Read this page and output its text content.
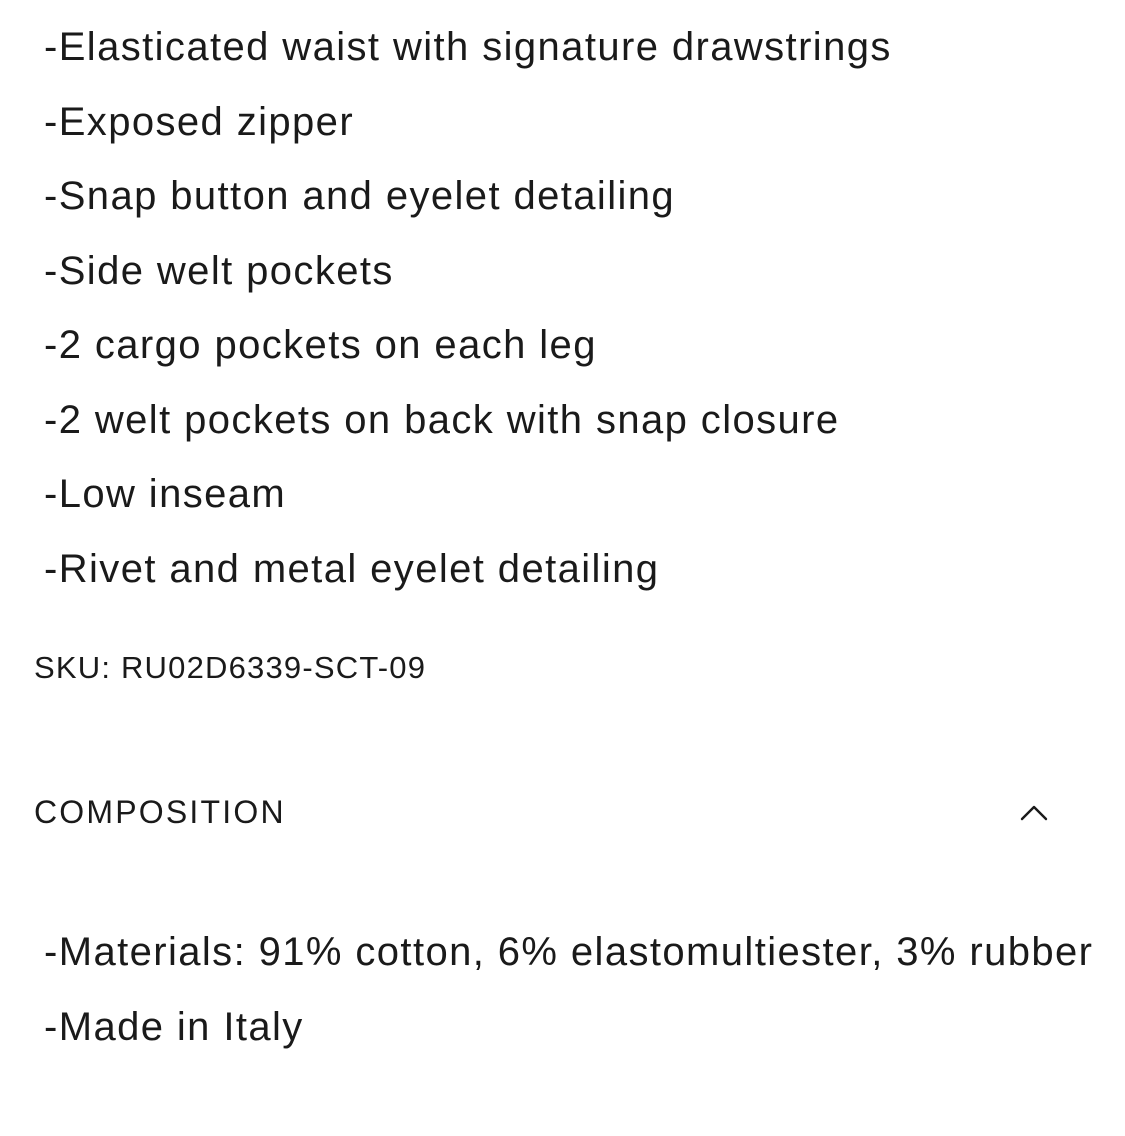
-Elasticated waist with signature drawstrings
-Exposed zipper
-Snap button and eyelet detailing
-Side welt pockets
-2 cargo pockets on each leg
-2 welt pockets on back with snap closure
-Low inseam
-Rivet and metal eyelet detailing
SKU: RU02D6339-SCT-09
COMPOSITION
-Materials: 91% cotton, 6% elastomultiester, 3% rubber
-Made in Italy
